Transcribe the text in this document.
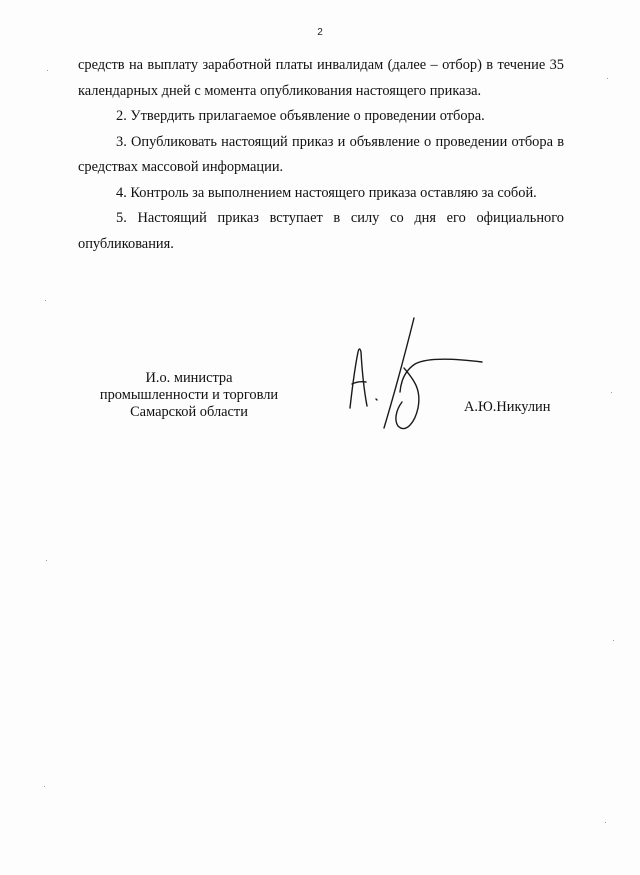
2

средств на выплату заработной платы инвалидам (далее – отбор) в течение 35 календарных дней с момента опубликования настоящего приказа.

2. Утвердить прилагаемое объявление о проведении отбора.

3. Опубликовать настоящий приказ и объявление о проведении отбора в средствах массовой информации.

4. Контроль за выполнением настоящего приказа оставляю за собой.

5. Настоящий приказ вступает в силу со дня его официального опубликования.

И.о. министра
промышленности и торговли
Самарской области	А.Ю.Никулин
